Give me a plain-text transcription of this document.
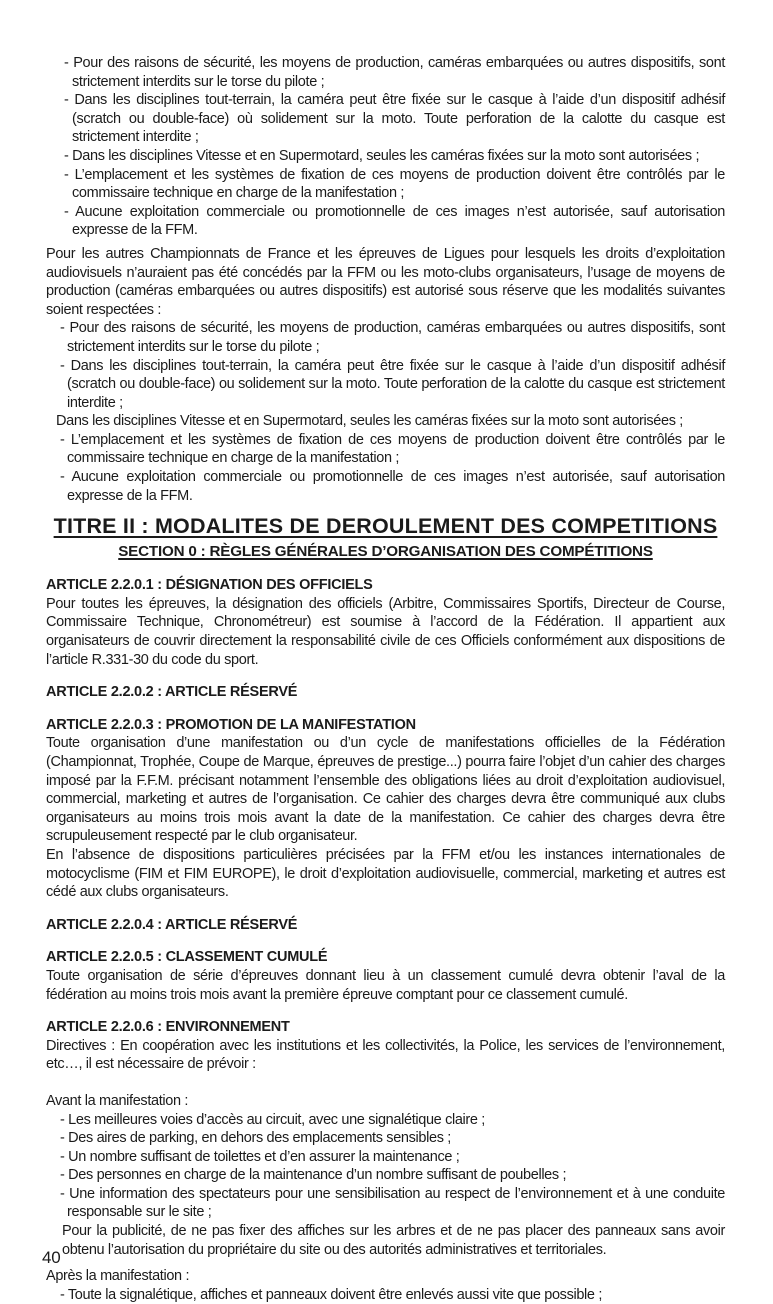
- Pour des raisons de sécurité, les moyens de production, caméras embarquées ou autres dispositifs, sont strictement interdits sur le torse du pilote ;

- Dans les disciplines tout-terrain, la caméra peut être fixée sur le casque à l’aide d’un dispositif adhésif (scratch ou double-face) où solidement sur la moto. Toute perforation de la calotte du casque est strictement interdite ;

- Dans les disciplines Vitesse et en Supermotard, seules les caméras fixées sur la moto sont autorisées ;

- L’emplacement et les systèmes de fixation de ces moyens de production doivent être contrôlés par le commissaire technique en charge de la manifestation ;

- Aucune exploitation commerciale ou promotionnelle de ces images n’est autorisée, sauf autorisation expresse de la FFM.

Pour les autres Championnats de France et les épreuves de Ligues pour lesquels les droits d’exploitation audiovisuels n’auraient pas été concédés par la FFM ou les moto-clubs organisateurs, l’usage de moyens de production (caméras embarquées ou autres dispositifs) est autorisé sous réserve que les modalités suivantes soient respectées :

- Pour des raisons de sécurité, les moyens de production, caméras embarquées ou autres dispositifs, sont strictement interdits sur le torse du pilote ;

- Dans les disciplines tout-terrain, la caméra peut être fixée sur le casque à l’aide d’un dispositif adhésif (scratch ou double-face) ou solidement sur la moto. Toute perforation de la calotte du casque est strictement interdite ;

Dans les disciplines Vitesse et en Supermotard, seules les caméras fixées sur la moto sont autorisées ;

- L’emplacement et les systèmes de fixation de ces moyens de production doivent être contrôlés par le commissaire technique en charge de la manifestation ;

- Aucune exploitation commerciale ou promotionnelle de ces images n’est autorisée, sauf autorisation expresse de la FFM.

TITRE II : MODALITES DE DEROULEMENT DES COMPETITIONS
SECTION 0 : RÈGLES GÉNÉRALES D’ORGANISATION DES COMPÉTITIONS
ARTICLE 2.2.0.1 : DÉSIGNATION DES OFFICIELS

Pour toutes les épreuves, la désignation des officiels (Arbitre, Commissaires Sportifs, Directeur de Course, Commissaire Technique, Chronométreur) est soumise à l’accord de la Fédération. Il appartient aux organisateurs de couvrir directement la responsabilité civile de ces Officiels conformément aux dispositions de l’article R.331-30 du code du sport.

ARTICLE 2.2.0.2 : ARTICLE RÉSERVÉ
ARTICLE 2.2.0.3 : PROMOTION DE LA MANIFESTATION

Toute organisation d’une manifestation ou d’un cycle de manifestations officielles de la Fédération (Championnat, Trophée, Coupe de Marque, épreuves de prestige...) pourra faire l’objet d’un cahier des charges imposé par la F.F.M. précisant notamment l’ensemble des obligations liées au droit d’exploitation audiovisuel, commercial, marketing et autres de l’organisation. Ce cahier des charges devra être communiqué aux clubs organisateurs au moins trois mois avant la date de la manifestation. Ce cahier des charges devra être scrupuleusement respecté par le club organisateur.

En l’absence de dispositions particulières précisées par la FFM et/ou les instances internationales de motocyclisme (FIM et FIM EUROPE), le droit d’exploitation audiovisuelle, commercial, marketing et autres est cédé aux clubs organisateurs.

ARTICLE 2.2.0.4 : ARTICLE RÉSERVÉ
ARTICLE 2.2.0.5 : CLASSEMENT CUMULÉ

Toute organisation de série d’épreuves donnant lieu à un classement cumulé devra obtenir l’aval de la fédération au moins trois mois avant la première épreuve comptant pour ce classement cumulé.

ARTICLE 2.2.0.6 : ENVIRONNEMENT

Directives : En coopération avec les institutions et les collectivités, la Police, les services de l’environnement, etc…, il est nécessaire de prévoir :

Avant la manifestation :

- Les meilleures voies d’accès au circuit, avec une signalétique claire ;

- Des aires de parking, en dehors des emplacements sensibles ;

- Un nombre suffisant de toilettes et d’en assurer la maintenance ;

- Des personnes en charge de la maintenance d’un nombre suffisant de poubelles ;

- Une information des spectateurs pour une sensibilisation au respect de l’environnement et à une conduite responsable sur le site ;

Pour la publicité, de ne pas fixer des affiches sur les arbres et de ne pas placer des panneaux sans avoir obtenu l’autorisation du propriétaire du site ou des autorités administratives et territoriales.

Après la manifestation :

- Toute la signalétique, affiches et panneaux doivent être enlevés aussi vite que possible ;

40
